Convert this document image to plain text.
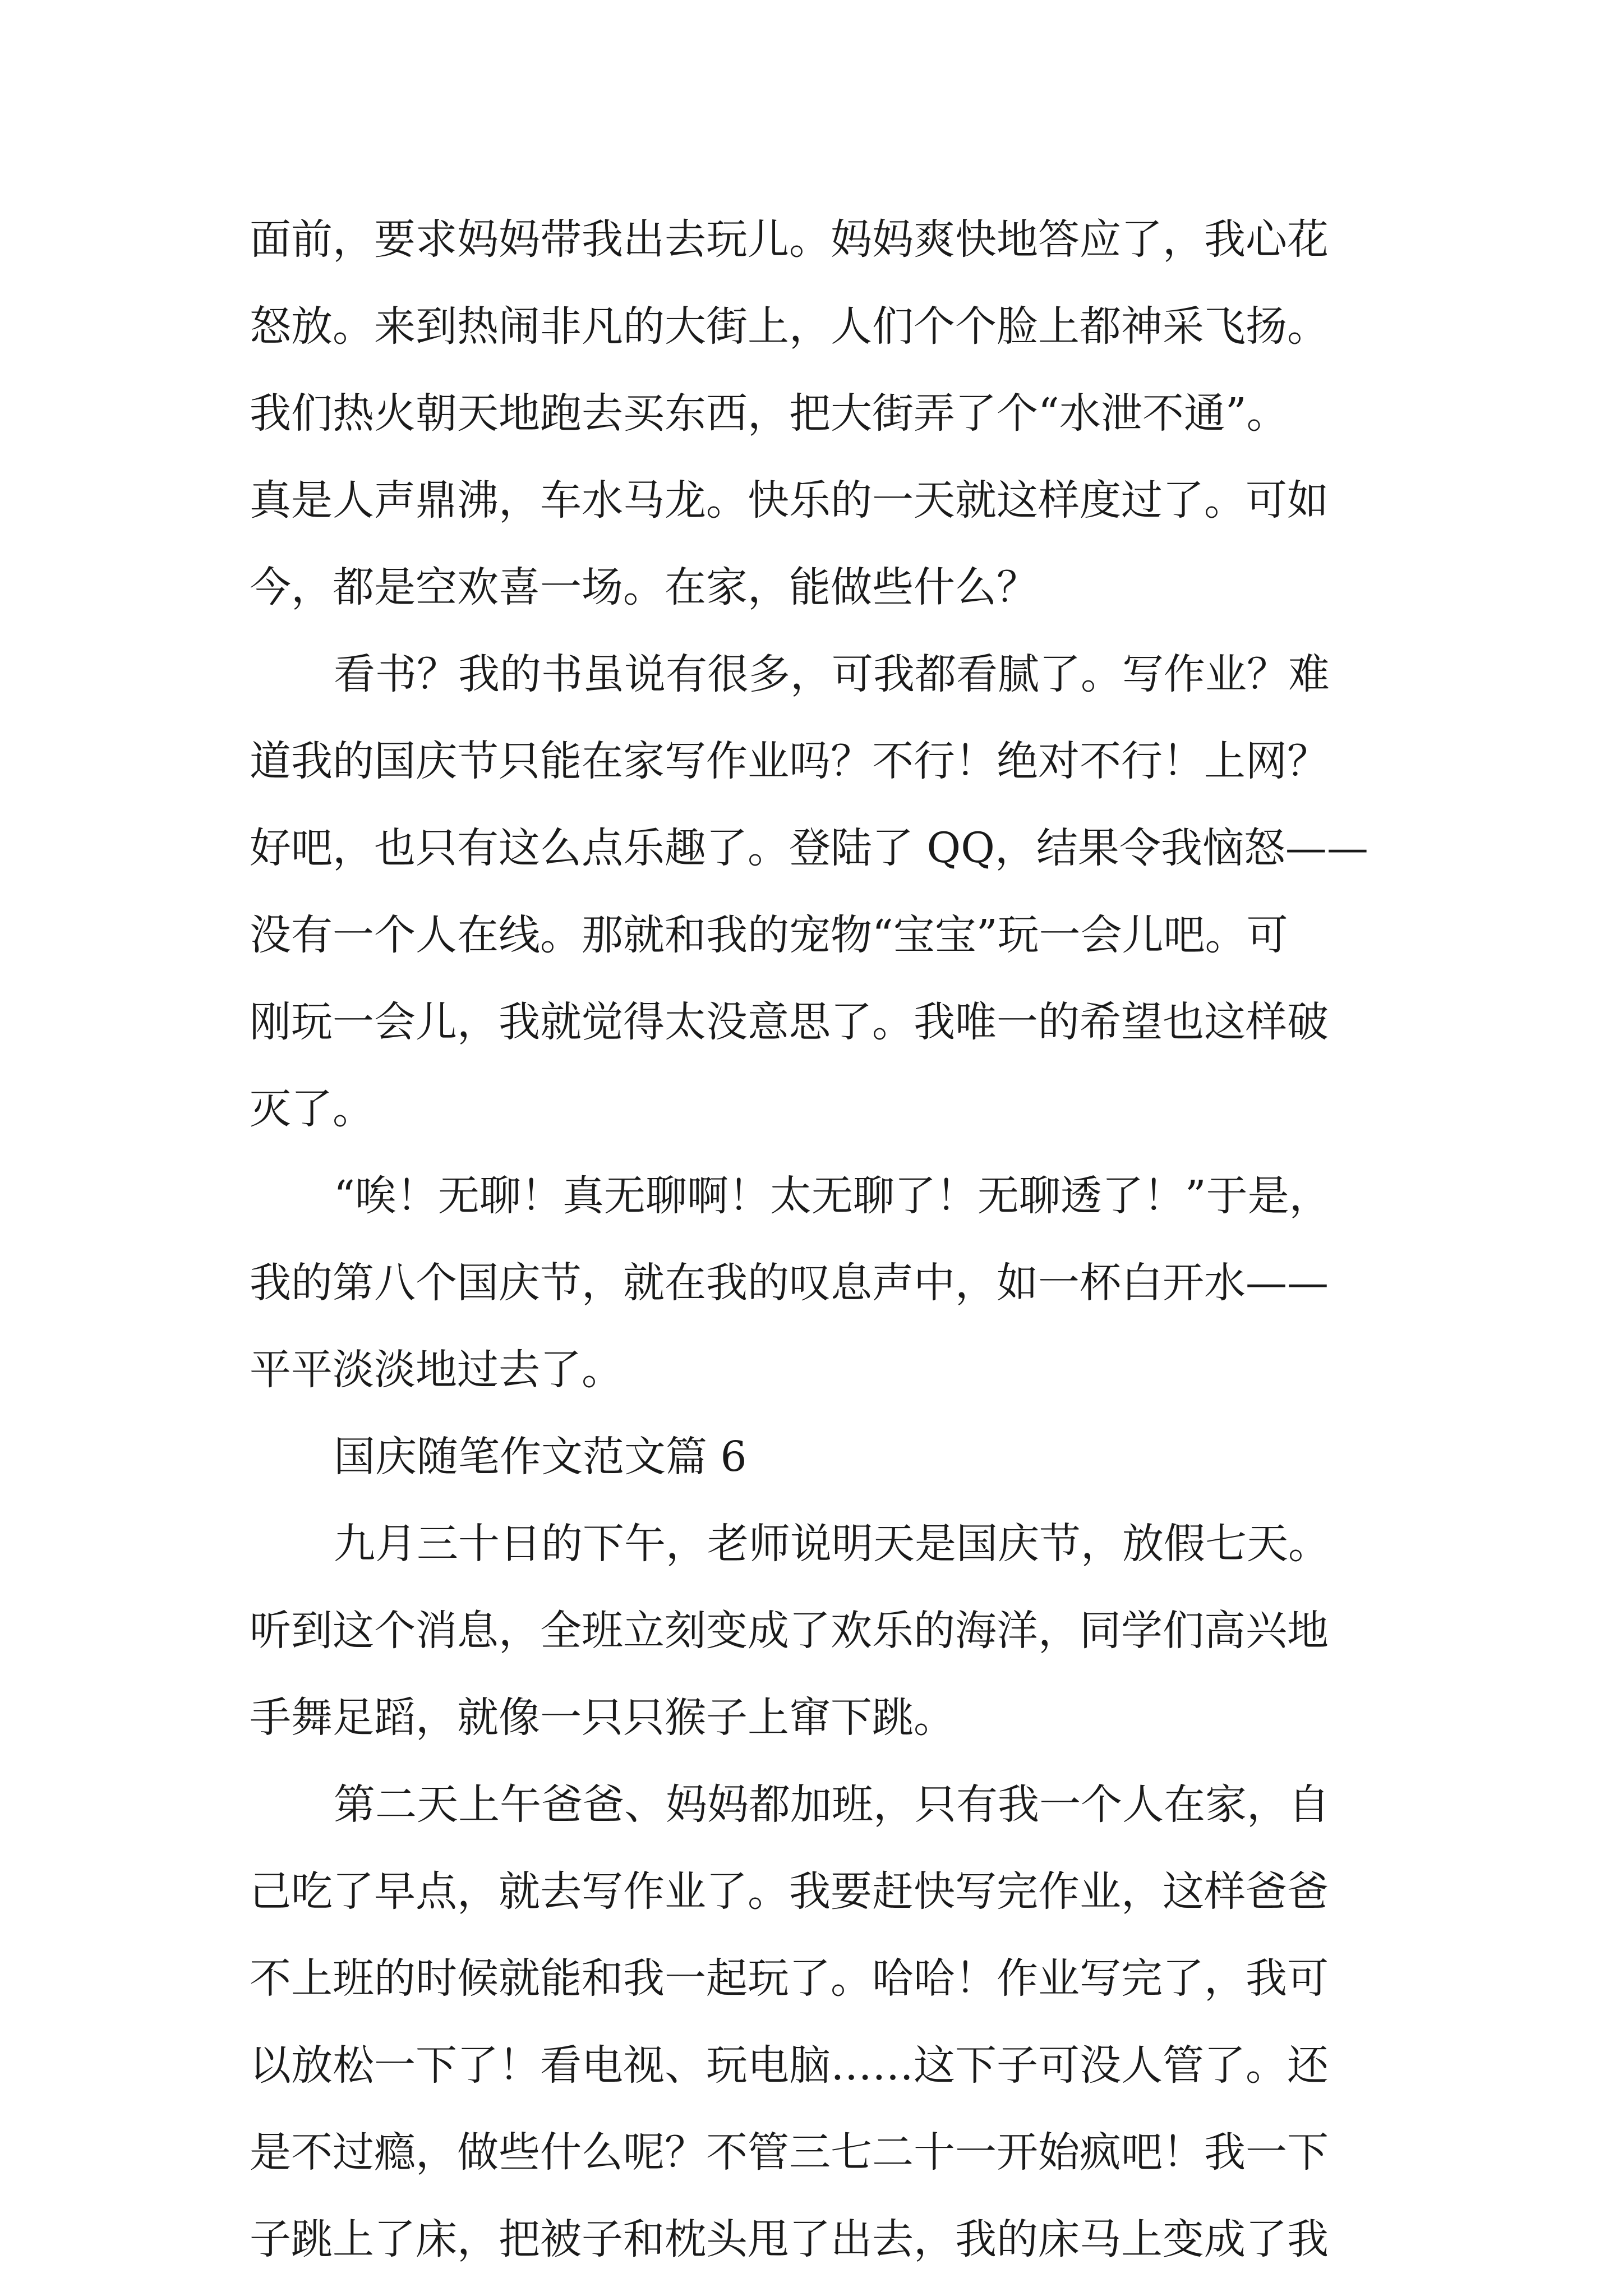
面前，要求妈妈带我出去玩儿。妈妈爽快地答应了，我心花
怒放。来到热闹非凡的大街上，人们个个脸上都神采飞扬。
我们热火朝天地跑去买东西，把大街弄了个“水泄不通”。
真是人声鼎沸，车水马龙。快乐的一天就这样度过了。可如
今，都是空欢喜一场。在家，能做些什么？
看书？我的书虽说有很多，可我都看腻了。写作业？难
道我的国庆节只能在家写作业吗？不行！绝对不行！上网？
好吧，也只有这么点乐趣了。登陆了 QQ，结果令我恼怒——
没有一个人在线。那就和我的宠物“宝宝”玩一会儿吧。可
刚玩一会儿，我就觉得太没意思了。我唯一的希望也这样破
灭了。
“唉！无聊！真无聊啊！太无聊了！无聊透了！”于是，
我的第八个国庆节，就在我的叹息声中，如一杯白开水——
平平淡淡地过去了。
国庆随笔作文范文篇 6
九月三十日的下午，老师说明天是国庆节，放假七天。
听到这个消息，全班立刻变成了欢乐的海洋，同学们高兴地
手舞足蹈，就像一只只猴子上窜下跳。
第二天上午爸爸、妈妈都加班，只有我一个人在家，自
己吃了早点，就去写作业了。我要赶快写完作业，这样爸爸
不上班的时候就能和我一起玩了。哈哈！作业写完了，我可
以放松一下了！看电视、玩电脑……这下子可没人管了。还
是不过瘾，做些什么呢？不管三七二十一开始疯吧！我一下
子跳上了床，把被子和枕头甩了出去，我的床马上变成了我
